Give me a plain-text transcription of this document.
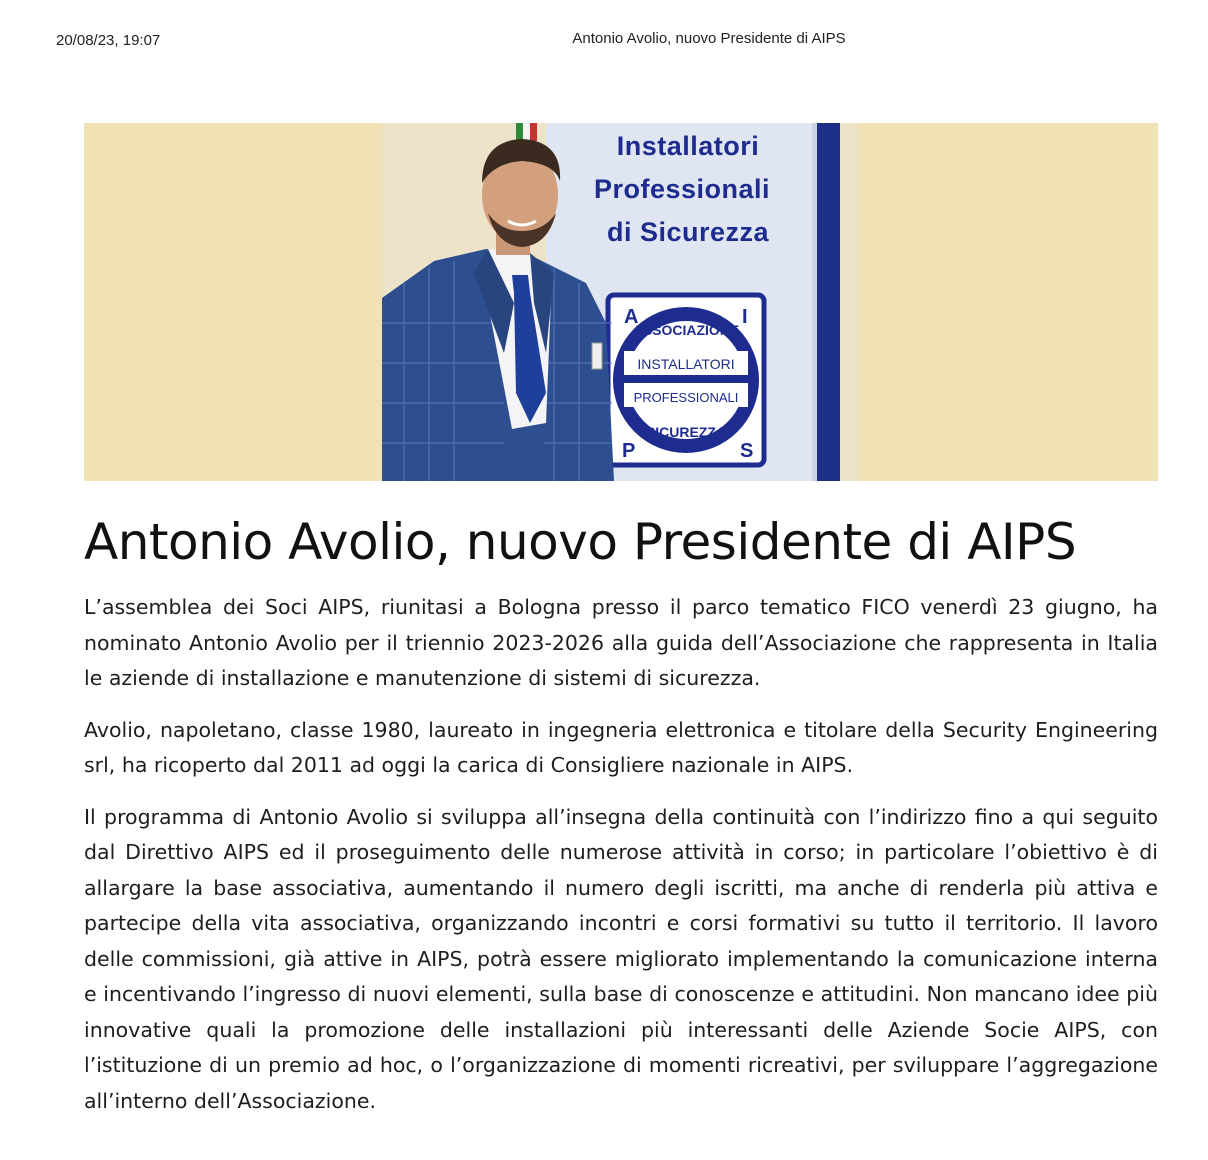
20/08/23, 19:07	Antonio Avolio, nuovo Presidente di AIPS
Installatori
Professionali
di Sicurezza
ASSOCIAZIONE
INSTALLATORI
PROFESSIONALI
SICUREZZA
A	I
P	S
Antonio Avolio, nuovo Presidente di AIPS

L’assemblea dei Soci AIPS, riunitasi a Bologna presso il parco tematico FICO venerdì 23 giugno, ha nominato Antonio Avolio per il triennio 2023-2026 alla guida dell’Associazione che rappresenta in Italia le aziende di installazione e manutenzione di sistemi di sicurezza.

Avolio, napoletano, classe 1980, laureato in ingegneria elettronica e titolare della Security Engineering srl, ha ricoperto dal 2011 ad oggi la carica di Consigliere nazionale in AIPS.

Il programma di Antonio Avolio si sviluppa all’insegna della continuità con l’indirizzo fino a qui seguito dal Direttivo AIPS ed il proseguimento delle numerose attività in corso; in particolare l’obiettivo è di allargare la base associativa, aumentando il numero degli iscritti, ma anche di renderla più attiva e partecipe della vita associativa, organizzando incontri e corsi formativi su tutto il territorio. Il lavoro delle commissioni, già attive in AIPS, potrà essere migliorato implementando la comunicazione interna e incentivando l’ingresso di nuovi elementi, sulla base di conoscenze e attitudini. Non mancano idee più innovative quali la promozione delle installazioni più interessanti delle Aziende Socie AIPS, con l’istituzione di un premio ad hoc, o l’organizzazione di momenti ricreativi, per sviluppare l’aggregazione all’interno dell’Associazione.
